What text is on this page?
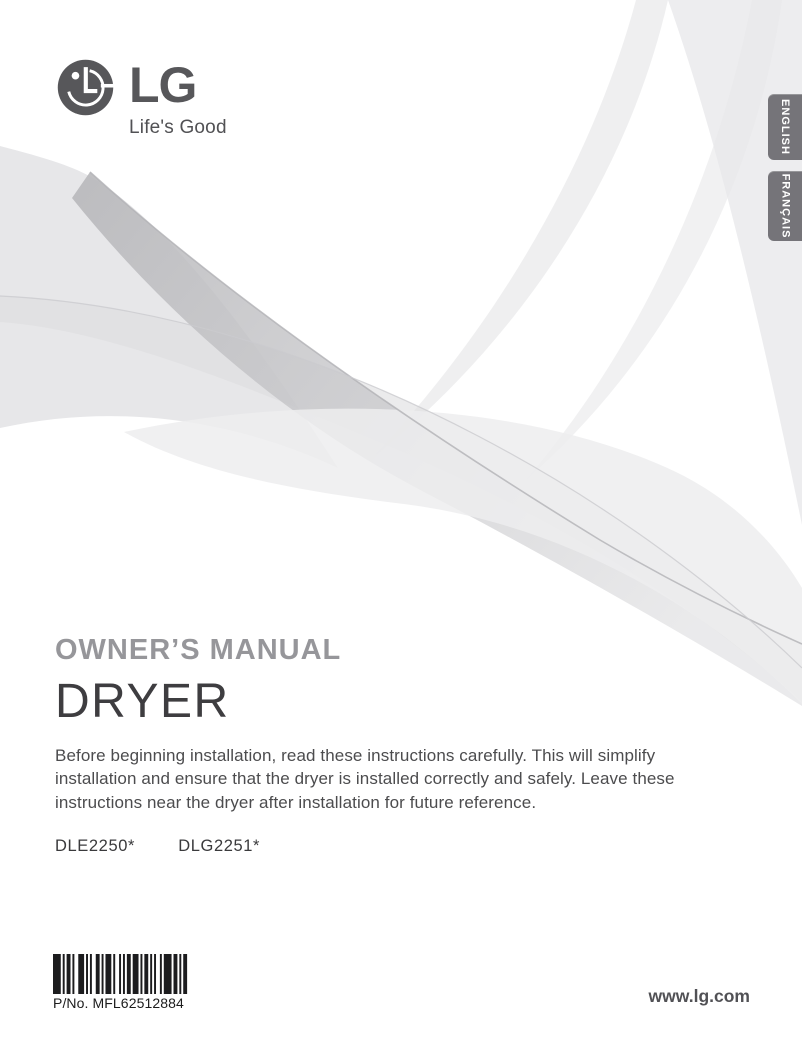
LG
Life's Good	ENGLISH
FRANÇAIS
OWNER’S MANUAL
DRYER

Before beginning installation, read these instructions carefully. This will simplify installation and ensure that the dryer is installed correctly and safely. Leave these instructions near the dryer after installation for future reference.

DLE2250*	DLG2251*
P/No. MFL62512884	www.lg.com
